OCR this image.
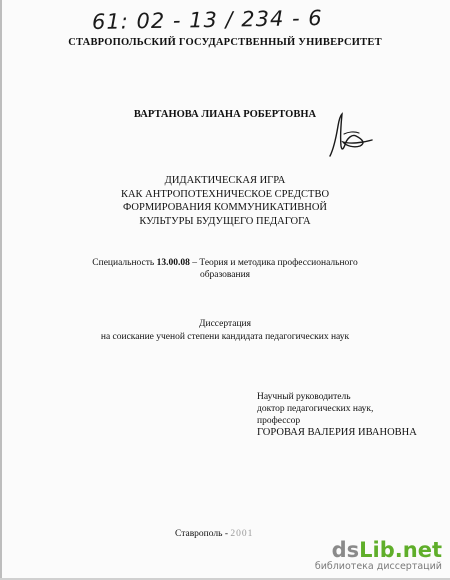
61: 02 - 13 / 234 - 6
СТАВРОПОЛЬСКИЙ ГОСУДАРСТВЕННЫЙ УНИВЕРСИТЕТ
ВАРТАНОВА ЛИАНА РОБЕРТОВНА
ДИДАКТИЧЕСКАЯ ИГРА
КАК АНТРОПОТЕХНИЧЕСКОЕ СРЕДСТВО
ФОРМИРОВАНИЯ КОММУНИКАТИВНОЙ
КУЛЬТУРЫ БУДУЩЕГО ПЕДАГОГА
Специальность 13.00.08 – Теория и методика профессионального
образования
Диссертация
на соискание ученой степени кандидата педагогических наук
Научный руководитель
доктор педагогических наук,
профессор
ГОРОВАЯ ВАЛЕРИЯ ИВАНОВНА
Ставрополь - 2001
ds Lib.net
библиотека диссертаций
